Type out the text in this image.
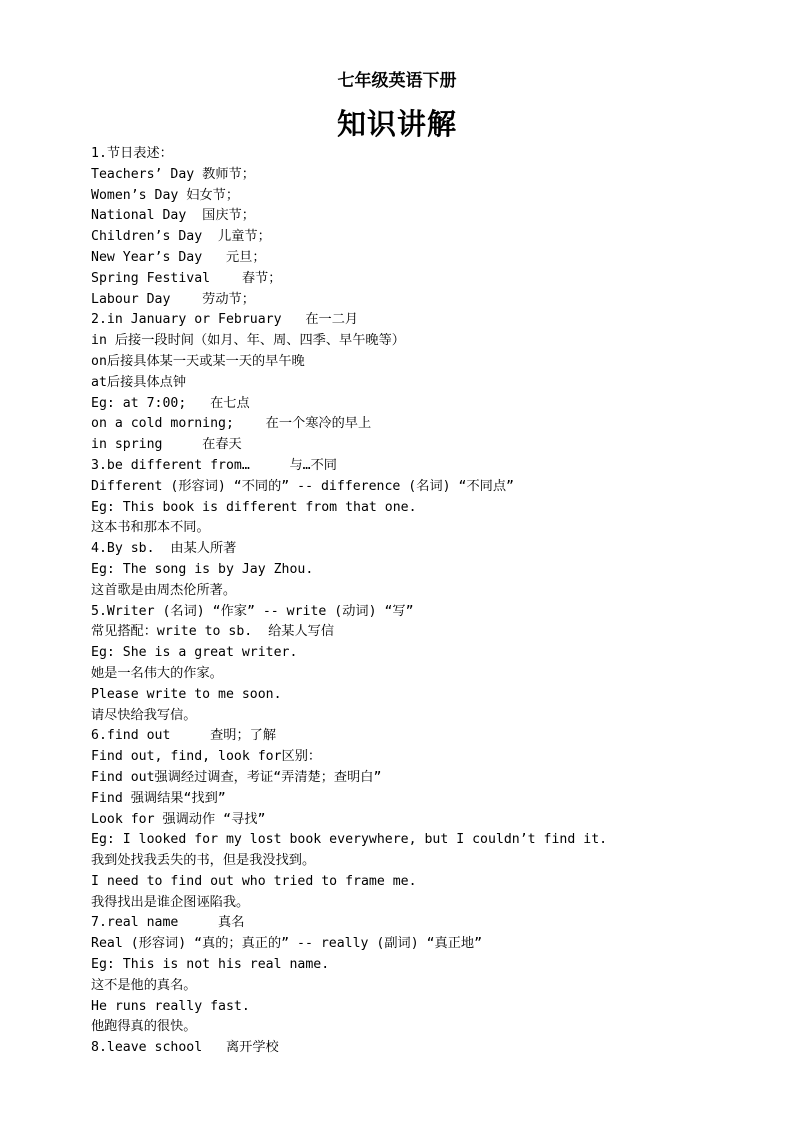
七年级英语下册
知识讲解
1.节日表述：
Teachers’ Day 教师节；
Women’s Day 妇女节；
National Day  国庆节；
Children’s Day  儿童节；
New Year’s Day   元旦；
Spring Festival    春节；
Labour Day    劳动节；
2.in January or February   在一二月
in 后接一段时间（如月、年、周、四季、早午晚等）
on后接具体某一天或某一天的早午晚
at后接具体点钟
Eg: at 7:00;   在七点
on a cold morning;    在一个寒冷的早上
in spring     在春天
3.be different from…     与…不同
Different (形容词) “不同的” -- difference (名词) “不同点”
Eg: This book is different from that one.
这本书和那本不同。
4.By sb.  由某人所著
Eg: The song is by Jay Zhou.
这首歌是由周杰伦所著。
5.Writer (名词) “作家” -- write (动词) “写”
常见搭配：write to sb.  给某人写信
Eg: She is a great writer.
她是一名伟大的作家。
Please write to me soon.
请尽快给我写信。
6.find out     查明；了解
Find out, find, look for区别：
Find out强调经过调查，考证“弄清楚；查明白”
Find 强调结果“找到”
Look for 强调动作 “寻找”
Eg: I looked for my lost book everywhere, but I couldn’t find it.
我到处找我丢失的书，但是我没找到。
I need to find out who tried to frame me.
我得找出是谁企图诬陷我。
7.real name     真名
Real (形容词) “真的；真正的” -- really (副词) “真正地”
Eg: This is not his real name.
这不是他的真名。
He runs really fast.
他跑得真的很快。
8.leave school   离开学校
